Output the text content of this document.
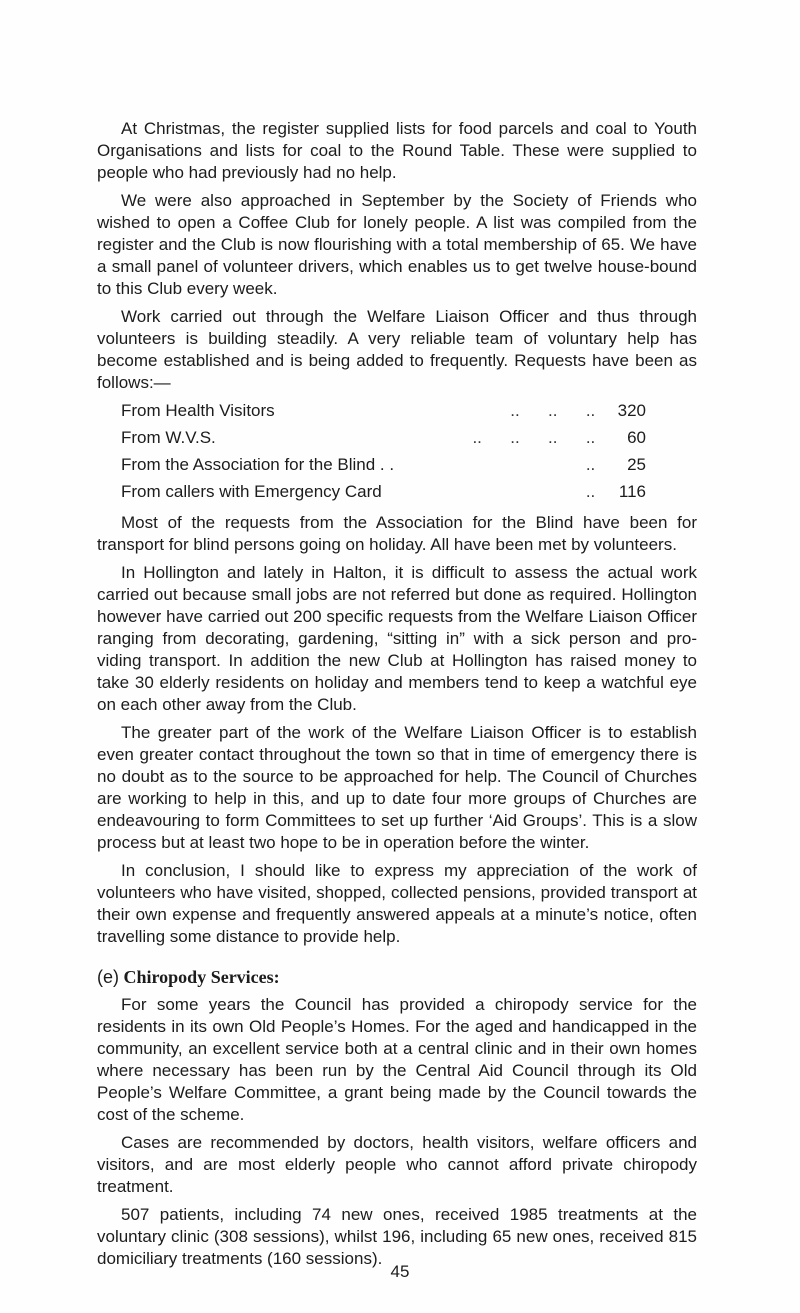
At Christmas, the register supplied lists for food parcels and coal to Youth Organisations and lists for coal to the Round Table. These were supplied to people who had previously had no help.

We were also approached in September by the Society of Friends who wished to open a Coffee Club for lonely people. A list was compiled from the register and the Club is now flourishing with a total membership of 65. We have a small panel of volunteer drivers, which enables us to get twelve house-bound to this Club every week.

Work carried out through the Welfare Liaison Officer and thus through volunteers is building steadily. A very reliable team of voluntary help has become established and is being added to frequently. Requests have been as follows:—

From Health Visitors	..      ..      ..	320
From W.V.S.	..      ..      ..      ..	60
From the Association for the Blind . .	..	25
From callers with Emergency Card	..	116

Most of the requests from the Association for the Blind have been for transport for blind persons going on holiday. All have been met by volunteers.

In Hollington and lately in Halton, it is difficult to assess the actual work carried out because small jobs are not referred but done as required. Hollington however have carried out 200 specific requests from the Welfare Liaison Officer ranging from decorating, gardening, “sitting in” with a sick person and pro-viding transport. In addition the new Club at Hollington has raised money to take 30 elderly residents on holiday and members tend to keep a watchful eye on each other away from the Club.

The greater part of the work of the Welfare Liaison Officer is to establish even greater contact throughout the town so that in time of emergency there is no doubt as to the source to be approached for help. The Council of Churches are working to help in this, and up to date four more groups of Churches are endeavouring to form Committees to set up further ‘Aid Groups’. This is a slow process but at least two hope to be in operation before the winter.

In conclusion, I should like to express my appreciation of the work of volunteers who have visited, shopped, collected pensions, provided transport at their own expense and frequently answered appeals at a minute’s notice, often travelling some distance to provide help.

(e) Chiropody Services:

For some years the Council has provided a chiropody service for the residents in its own Old People’s Homes. For the aged and handicapped in the community, an excellent service both at a central clinic and in their own homes where necessary has been run by the Central Aid Council through its Old People’s Welfare Committee, a grant being made by the Council towards the cost of the scheme.

Cases are recommended by doctors, health visitors, welfare officers and visitors, and are most elderly people who cannot afford private chiropody treatment.

507 patients, including 74 new ones, received 1985 treatments at the voluntary clinic (308 sessions), whilst 196, including 65 new ones, received 815 domiciliary treatments (160 sessions).

45
